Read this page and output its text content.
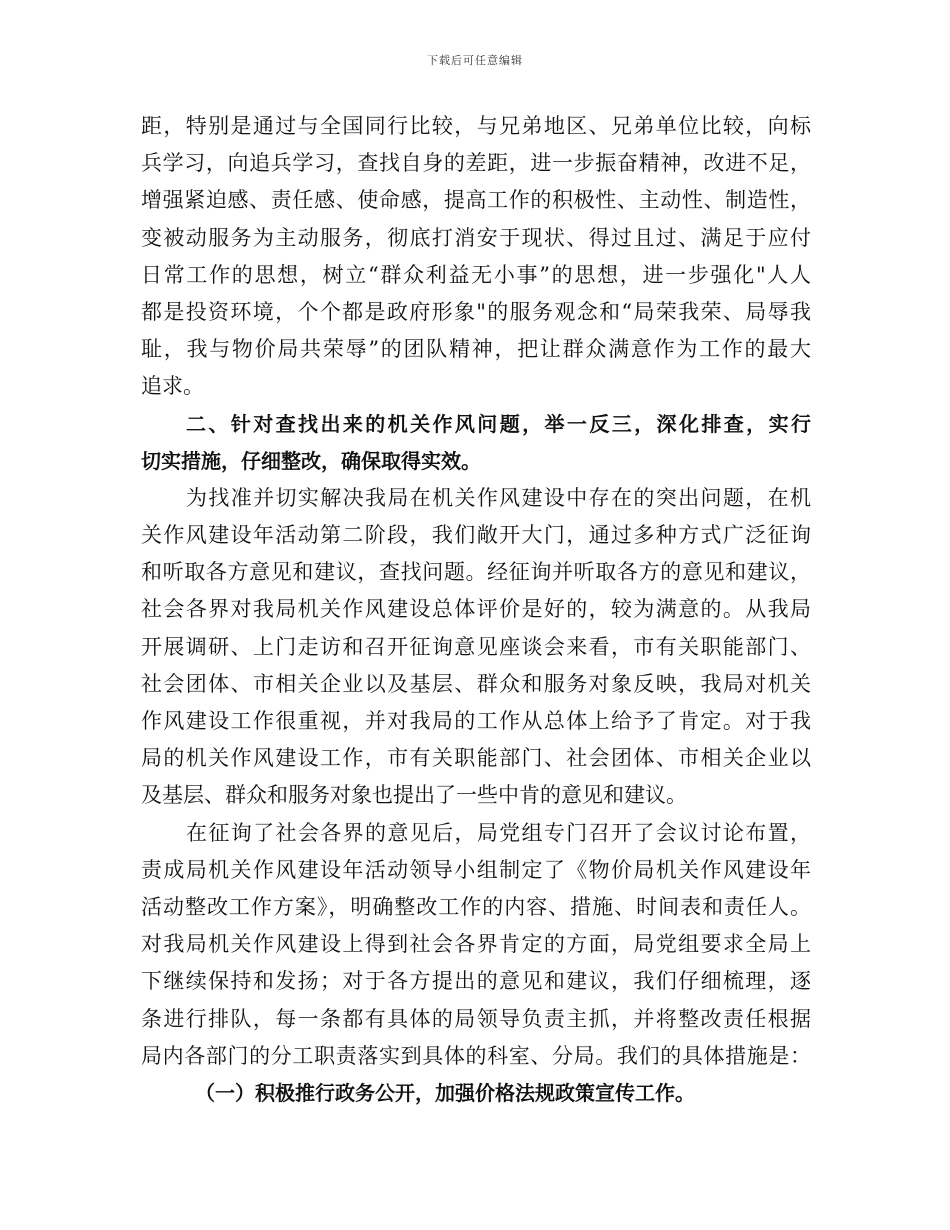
下载后可任意编辑
距，特别是通过与全国同行比较，与兄弟地区、兄弟单位比较，向标
兵学习，向追兵学习，查找自身的差距，进一步振奋精神，改进不足，
增强紧迫感、责任感、使命感，提高工作的积极性、主动性、制造性，
变被动服务为主动服务，彻底打消安于现状、得过且过、满足于应付
日常工作的思想，树立“群众利益无小事”的思想，进一步强化"人人
都是投资环境，个个都是政府形象"的服务观念和“局荣我荣、局辱我
耻，我与物价局共荣辱”的团队精神，把让群众满意作为工作的最大
追求。
二、针对查找出来的机关作风问题，举一反三，深化排查，实行
切实措施，仔细整改，确保取得实效。
为找准并切实解决我局在机关作风建设中存在的突出问题，在机
关作风建设年活动第二阶段，我们敞开大门，通过多种方式广泛征询
和听取各方意见和建议，查找问题。经征询并听取各方的意见和建议，
社会各界对我局机关作风建设总体评价是好的，较为满意的。从我局
开展调研、上门走访和召开征询意见座谈会来看，市有关职能部门、
社会团体、市相关企业以及基层、群众和服务对象反映，我局对机关
作风建设工作很重视，并对我局的工作从总体上给予了肯定。对于我
局的机关作风建设工作，市有关职能部门、社会团体、市相关企业以
及基层、群众和服务对象也提出了一些中肯的意见和建议。
在征询了社会各界的意见后，局党组专门召开了会议讨论布置，
责成局机关作风建设年活动领导小组制定了《物价局机关作风建设年
活动整改工作方案》，明确整改工作的内容、措施、时间表和责任人。
对我局机关作风建设上得到社会各界肯定的方面，局党组要求全局上
下继续保持和发扬；对于各方提出的意见和建议，我们仔细梳理，逐
条进行排队，每一条都有具体的局领导负责主抓，并将整改责任根据
局内各部门的分工职责落实到具体的科室、分局。我们的具体措施是：
（一）积极推行政务公开，加强价格法规政策宣传工作。
